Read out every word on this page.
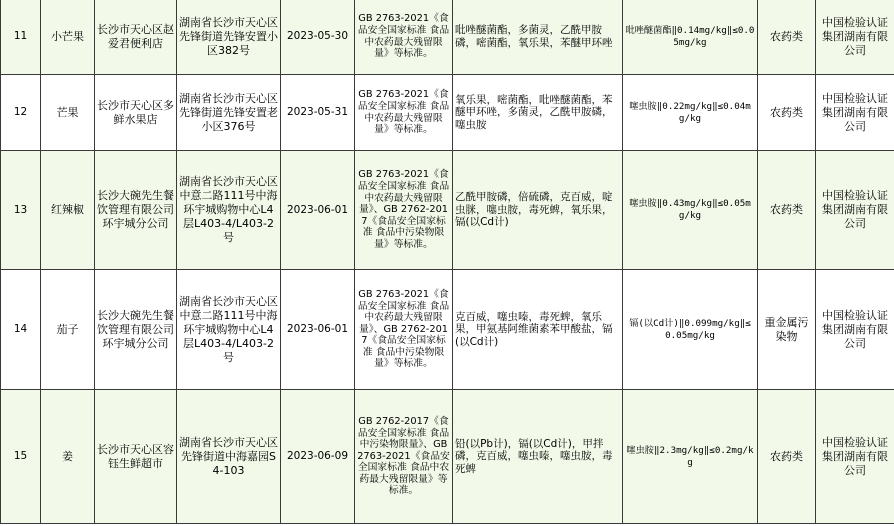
11	小芒果	长沙市天心区赵爱君便利店	湖南省长沙市天心区先锋街道先锋安置小区382号	2023-05-30	GB 2763-2021《食品安全国家标准 食品中农药最大残留限量》等标准。	吡唑醚菌酯，多菌灵，乙酰甲胺磷，嘧菌酯，氧乐果，苯醚甲环唑	吡唑醚菌酯‖0.14mg/kg‖≤0.05mg/kg	农药类	中国检验认证集团湖南有限公司
12	芒果	长沙市天心区多鲜水果店	湖南省长沙市天心区先锋街道先锋安置老小区376号	2023-05-31	GB 2763-2021《食品安全国家标准 食品中农药最大残留限量》等标准。	氧乐果，嘧菌酯，吡唑醚菌酯，苯醚甲环唑，多菌灵，乙酰甲胺磷，噻虫胺	噻虫胺‖0.22mg/kg‖≤0.04mg/kg	农药类	中国检验认证集团湖南有限公司
13	红辣椒	长沙大碗先生餐饮管理有限公司环宇城分公司	湖南省长沙市天心区中意二路111号中海环宇城购物中心L4层L403-4/L403-2号	2023-06-01	GB 2763-2021《食品安全国家标准 食品中农药最大残留限量》、GB 2762-2017《食品安全国家标准 食品中污染物限量》等标准。	乙酰甲胺磷，倍硫磷，克百威，啶虫脒，噻虫胺，毒死蜱，氧乐果，镉(以Cd计)	噻虫胺‖0.43mg/kg‖≤0.05mg/kg	农药类	中国检验认证集团湖南有限公司
14	茄子	长沙大碗先生餐饮管理有限公司环宇城分公司	湖南省长沙市天心区中意二路111号中海环宇城购物中心L4层L403-4/L403-2号	2023-06-01	GB 2763-2021《食品安全国家标准 食品中农药最大残留限量》、GB 2762-2017《食品安全国家标准 食品中污染物限量》等标准。	克百威，噻虫嗪，毒死蜱，氧乐果，甲氨基阿维菌素苯甲酸盐，镉(以Cd计)	镉(以Cd计)‖0.099mg/kg‖≤0.05mg/kg	重金属污染物	中国检验认证集团湖南有限公司
15	姜	长沙市天心区容钰生鲜超市	湖南省长沙市天心区先锋街道中海嘉园S4-103	2023-06-09	GB 2762-2017《食品安全国家标准 食品中污染物限量》、GB 2763-2021《食品安全国家标准 食品中农药最大残留限量》等标准。	铅(以Pb计)，镉(以Cd计)，甲拌磷，克百威，噻虫嗪，噻虫胺，毒死蜱	噻虫胺‖2.3mg/kg‖≤0.2mg/kg	农药类	中国检验认证集团湖南有限公司
